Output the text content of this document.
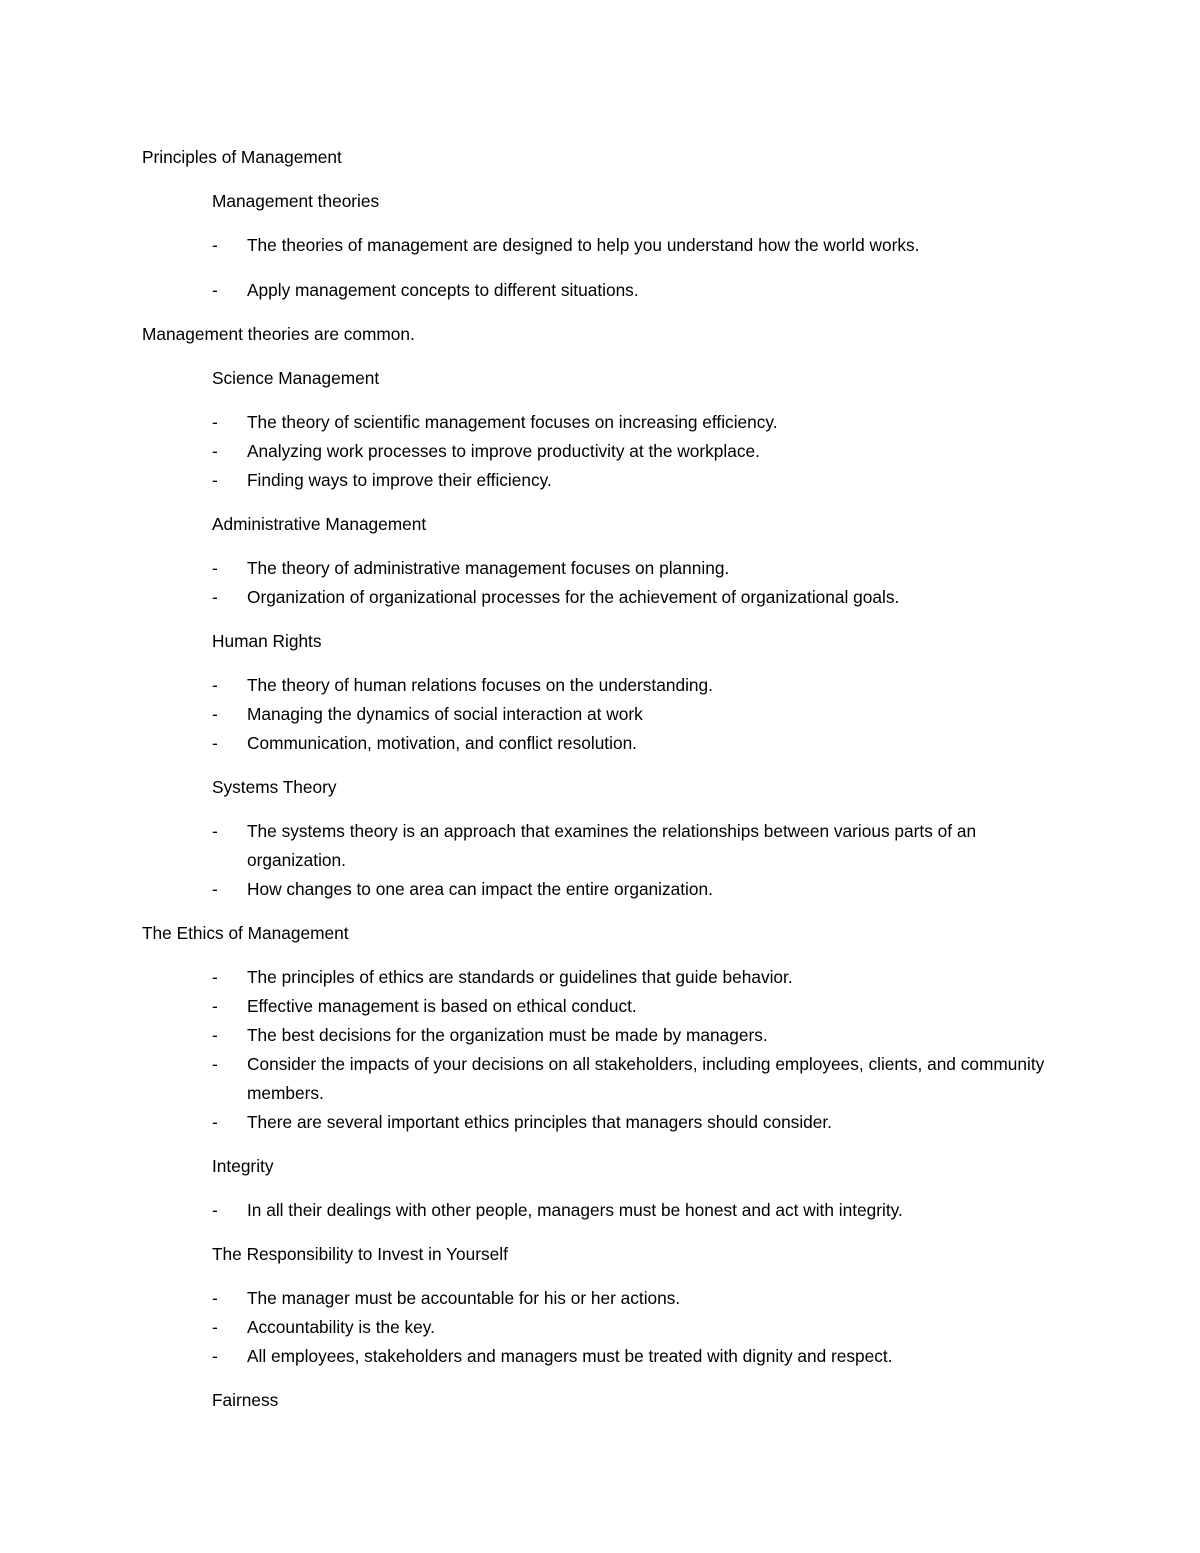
Principles of Management
Management theories
-	The theories of management are designed to help you understand how the world works.
-	Apply management concepts to different situations.
Management theories are common.
Science Management
-	The theory of scientific management focuses on increasing efficiency.
-	Analyzing work processes to improve productivity at the workplace.
-	Finding ways to improve their efficiency.
Administrative Management
-	The theory of administrative management focuses on planning.
-	Organization of organizational processes for the achievement of organizational goals.
Human Rights
-	The theory of human relations focuses on the understanding.
-	Managing the dynamics of social interaction at work
-	Communication, motivation, and conflict resolution.
Systems Theory
-	The systems theory is an approach that examines the relationships between various parts of an organization.
-	How changes to one area can impact the entire organization.
The Ethics of Management
-	The principles of ethics are standards or guidelines that guide behavior.
-	Effective management is based on ethical conduct.
-	The best decisions for the organization must be made by managers.
-	Consider the impacts of your decisions on all stakeholders, including employees, clients, and community members.
-	There are several important ethics principles that managers should consider.
Integrity
-	In all their dealings with other people, managers must be honest and act with integrity.
The Responsibility to Invest in Yourself
-	The manager must be accountable for his or her actions.
-	Accountability is the key.
-	All employees, stakeholders and managers must be treated with dignity and respect.
Fairness
